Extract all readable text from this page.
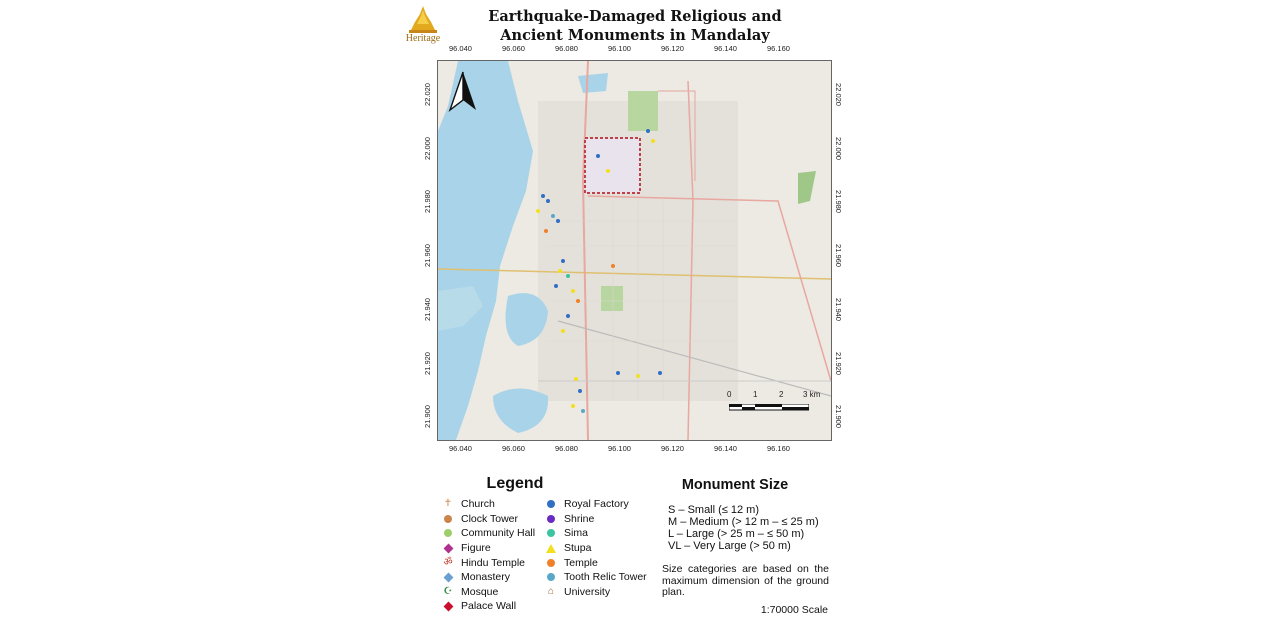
Heritage
Earthquake-Damaged Religious and
Ancient Monuments in Mandalay
96.040
96.040
96.060
96.060
96.080
96.080
96.100
96.100
96.120
96.120
96.140
96.140
96.160
96.160
22.020	22.020
22.000	22.000
21.980	21.980
21.960	21.960
21.940	21.940
21.920	21.920
21.900	21.900
0	1	2 3 km
Legend
✝ Church
Clock Tower
Community Hall
Figure
ॐ Hindu Temple
Monastery
☪ Mosque
Palace Wall
Royal Factory
Shrine
Sima
Stupa
Temple
Tooth Relic Tower
⌂ University
Monument Size
S – Small (≤ 12 m)
M – Medium (> 12 m – ≤ 25 m)
L – Large (> 25 m – ≤ 50 m)
VL – Very Large (> 50 m)
Size categories are based on the maximum dimension of the ground plan.
1:70000 Scale
